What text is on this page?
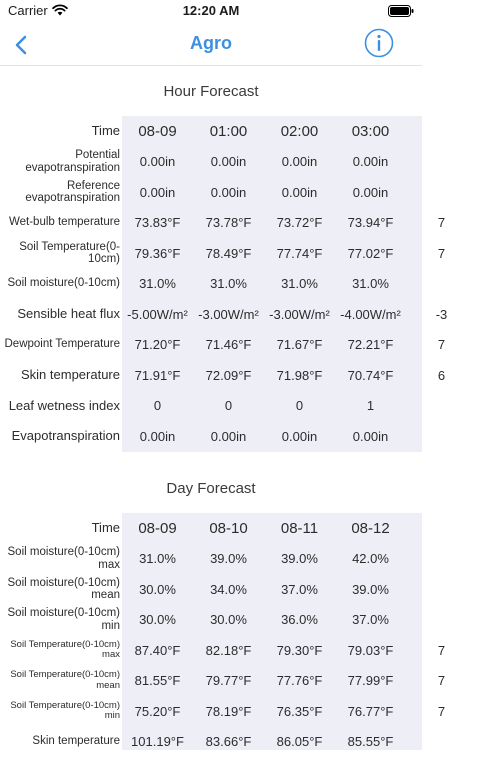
Carrier	12:20 AM
Agro
Hour Forecast
Time
Potential evapotranspiration
Reference evapotranspiration
Wet-bulb temperature
Soil Temperature(0-10cm)
Soil moisture(0-10cm)
Sensible heat flux
Dewpoint Temperature
Skin temperature
Leaf wetness index
Evapotranspiration
08-09
0.00in
0.00in
73.83°F
79.36°F
31.0%
-5.00W/m²
71.20°F
71.91°F
0
0.00in
01:00
0.00in
0.00in
73.78°F
78.49°F
31.0%
-3.00W/m²
71.46°F
72.09°F
0
0.00in
02:00
0.00in
0.00in
73.72°F
77.74°F
31.0%
-3.00W/m²
71.67°F
71.98°F
0
0.00in
03:00
0.00in
0.00in
73.94°F
77.02°F
31.0%
-4.00W/m²
72.21°F
70.74°F
1
0.00in
7
7
-3
7
6
Day Forecast
Time
Soil moisture(0-10cm) max
Soil moisture(0-10cm) mean
Soil moisture(0-10cm) min
Soil Temperature(0-10cm) max
Soil Temperature(0-10cm) mean
Soil Temperature(0-10cm) min
Skin temperature
08-09
31.0%
30.0%
30.0%
87.40°F
81.55°F
75.20°F
101.19°F
08-10
39.0%
34.0%
30.0%
82.18°F
79.77°F
78.19°F
83.66°F
08-11
39.0%
37.0%
36.0%
79.30°F
77.76°F
76.35°F
86.05°F
08-12
42.0%
39.0%
37.0%
79.03°F
77.99°F
76.77°F
85.55°F
7
7
7
